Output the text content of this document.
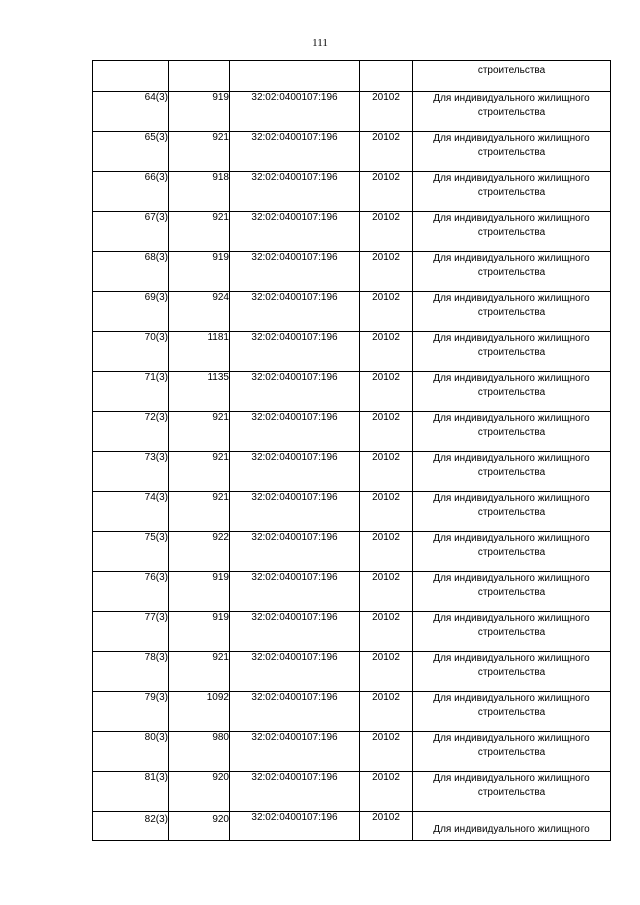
111
				строительства
64(3)	919	32:02:0400107:196	20102	Для индивидуального жилищного строительства
65(3)	921	32:02:0400107:196	20102	Для индивидуального жилищного строительства
66(3)	918	32:02:0400107:196	20102	Для индивидуального жилищного строительства
67(3)	921	32:02:0400107:196	20102	Для индивидуального жилищного строительства
68(3)	919	32:02:0400107:196	20102	Для индивидуального жилищного строительства
69(3)	924	32:02:0400107:196	20102	Для индивидуального жилищного строительства
70(3)	1181	32:02:0400107:196	20102	Для индивидуального жилищного строительства
71(3)	1135	32:02:0400107:196	20102	Для индивидуального жилищного строительства
72(3)	921	32:02:0400107:196	20102	Для индивидуального жилищного строительства
73(3)	921	32:02:0400107:196	20102	Для индивидуального жилищного строительства
74(3)	921	32:02:0400107:196	20102	Для индивидуального жилищного строительства
75(3)	922	32:02:0400107:196	20102	Для индивидуального жилищного строительства
76(3)	919	32:02:0400107:196	20102	Для индивидуального жилищного строительства
77(3)	919	32:02:0400107:196	20102	Для индивидуального жилищного строительства
78(3)	921	32:02:0400107:196	20102	Для индивидуального жилищного строительства
79(3)	1092	32:02:0400107:196	20102	Для индивидуального жилищного строительства
80(3)	980	32:02:0400107:196	20102	Для индивидуального жилищного строительства
81(3)	920	32:02:0400107:196	20102	Для индивидуального жилищного строительства
82(3)	920	32:02:0400107:196	20102	Для индивидуального жилищного
